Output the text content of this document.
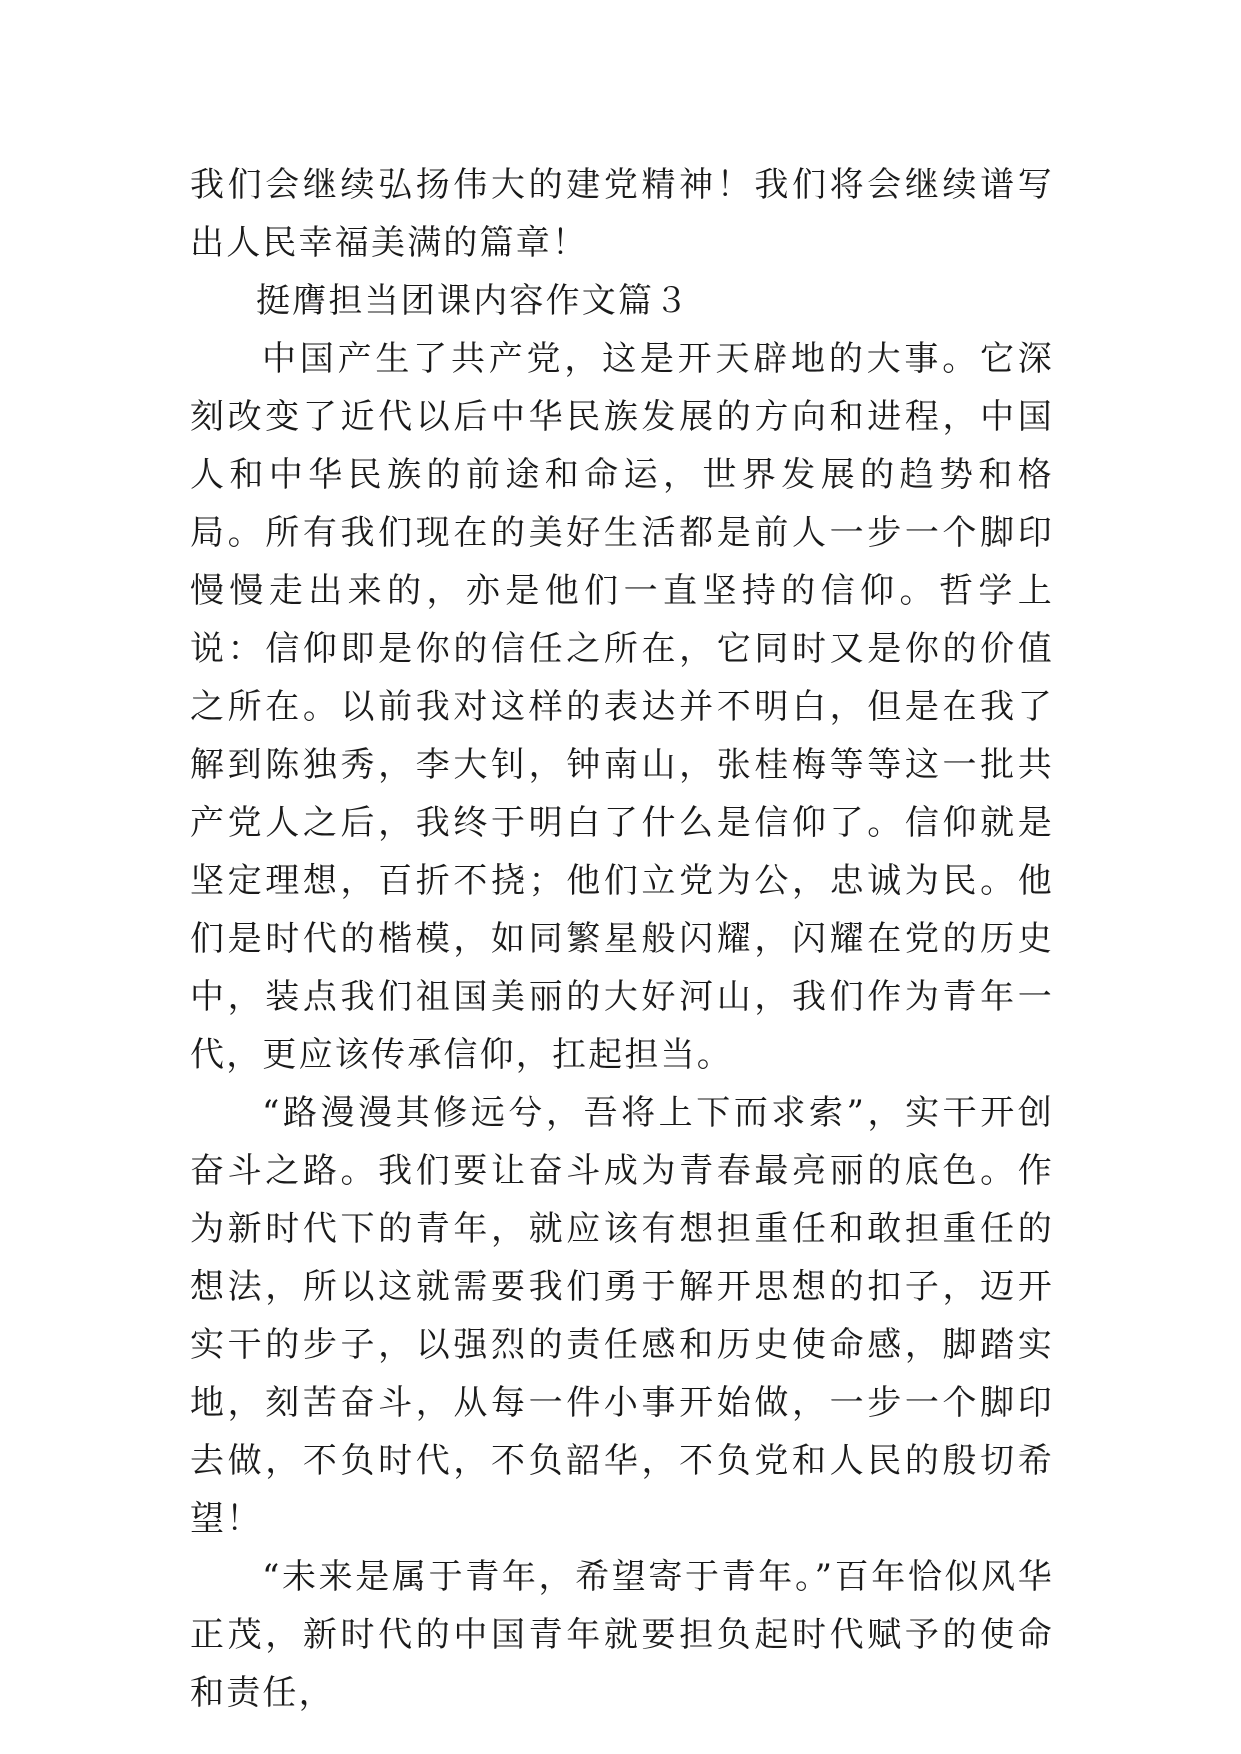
我们会继续弘扬伟大的建党精神！我们将会继续谱写出人民幸福美满的篇章！

挺膺担当团课内容作文篇３

中国产生了共产党，这是开天辟地的大事。它深刻改变了近代以后中华民族发展的方向和进程，中国人和中华民族的前途和命运，世界发展的趋势和格局。所有我们现在的美好生活都是前人一步一个脚印慢慢走出来的，亦是他们一直坚持的信仰。哲学上说：信仰即是你的信任之所在，它同时又是你的价值之所在。以前我对这样的表达并不明白，但是在我了解到陈独秀，李大钊，钟南山，张桂梅等等这一批共产党人之后，我终于明白了什么是信仰了。信仰就是坚定理想，百折不挠；他们立党为公，忠诚为民。他们是时代的楷模，如同繁星般闪耀，闪耀在党的历史中，装点我们祖国美丽的大好河山，我们作为青年一代，更应该传承信仰，扛起担当。

“路漫漫其修远兮，吾将上下而求索”，实干开创奋斗之路。我们要让奋斗成为青春最亮丽的底色。作为新时代下的青年，就应该有想担重任和敢担重任的想法，所以这就需要我们勇于解开思想的扣子，迈开实干的步子，以强烈的责任感和历史使命感，脚踏实地，刻苦奋斗，从每一件小事开始做，一步一个脚印去做，不负时代，不负韶华，不负党和人民的殷切希望！

“未来是属于青年，希望寄于青年。”百年恰似风华正茂，新时代的中国青年就要担负起时代赋予的使命和责任，
